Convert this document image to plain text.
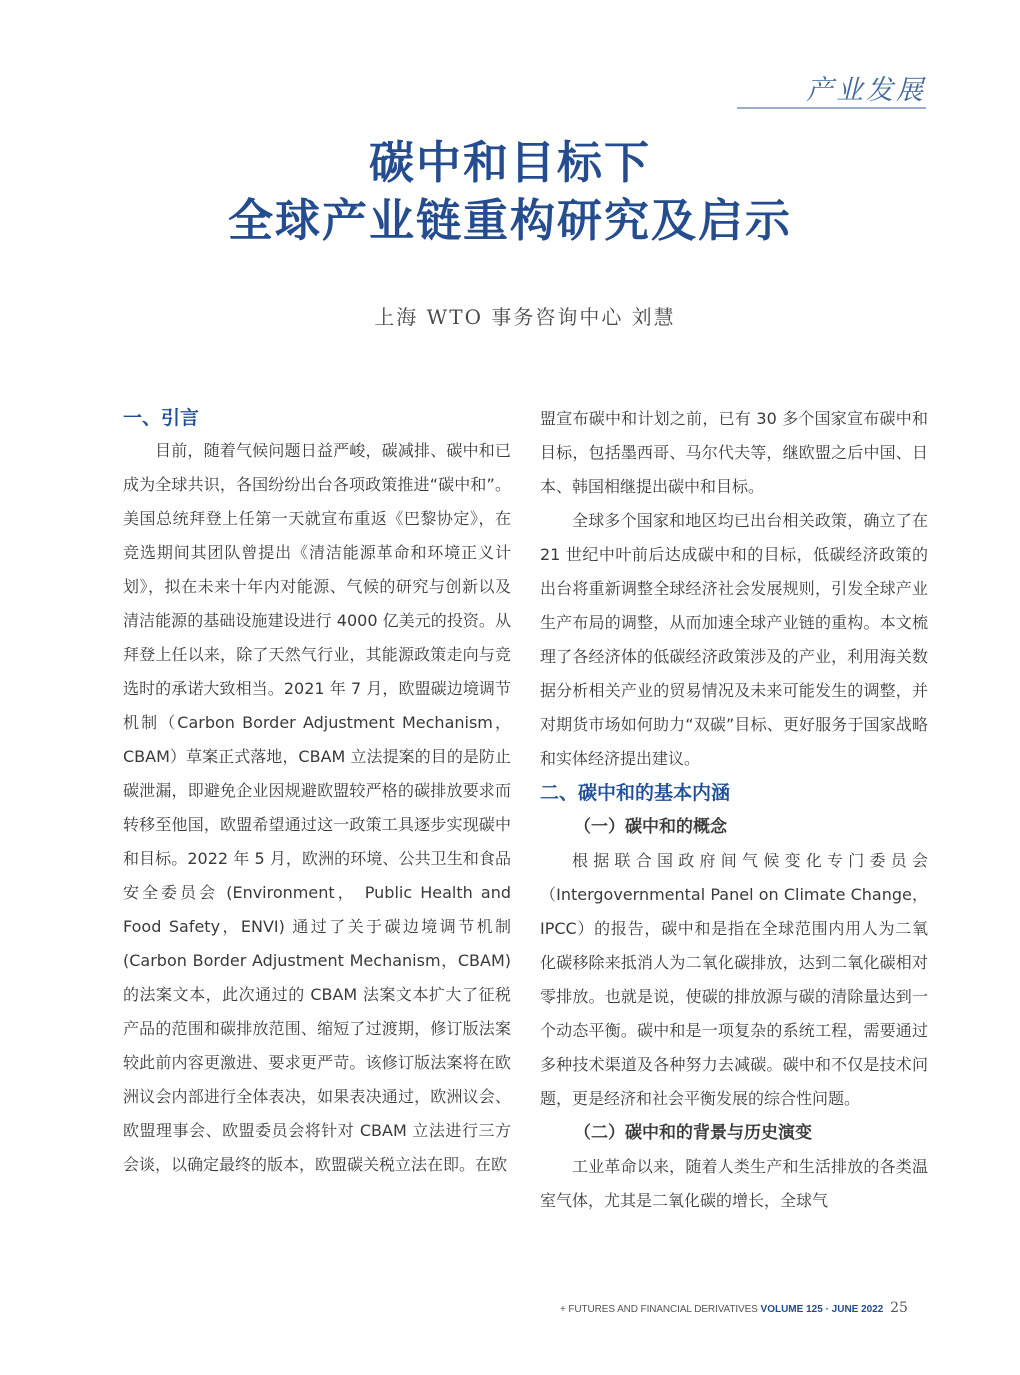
产业发展
碳中和目标下
全球产业链重构研究及启示
上海 WTO 事务咨询中心 刘慧

一、引言

目前，随着气候问题日益严峻，碳减排、碳中和已成为全球共识，各国纷纷出台各项政策推进“碳中和”。美国总统拜登上任第一天就宣布重返《巴黎协定》，在竞选期间其团队曾提出《清洁能源革命和环境正义计划》，拟在未来十年内对能源、气候的研究与创新以及清洁能源的基础设施建设进行 4000 亿美元的投资。从拜登上任以来，除了天然气行业，其能源政策走向与竞选时的承诺大致相当。2021 年 7 月，欧盟碳边境调节机制（Carbon Border Adjustment Mechanism，CBAM）草案正式落地，CBAM 立法提案的目的是防止碳泄漏，即避免企业因规避欧盟较严格的碳排放要求而转移至他国，欧盟希望通过这一政策工具逐步实现碳中和目标。2022 年 5 月，欧洲的环境、公共卫生和食品安全委员会 (Environment， Public Health and Food Safety，ENVI) 通过了关于碳边境调节机制 (Carbon Border Adjustment Mechanism，CBAM) 的法案文本，此次通过的 CBAM 法案文本扩大了征税产品的范围和碳排放范围、缩短了过渡期，修订版法案较此前内容更激进、要求更严苛。该修订版法案将在欧洲议会内部进行全体表决，如果表决通过，欧洲议会、欧盟理事会、欧盟委员会将针对 CBAM 立法进行三方会谈，以确定最终的版本，欧盟碳关税立法在即。在欧

盟宣布碳中和计划之前，已有 30 多个国家宣布碳中和目标，包括墨西哥、马尔代夫等，继欧盟之后中国、日本、韩国相继提出碳中和目标。

全球多个国家和地区均已出台相关政策，确立了在 21 世纪中叶前后达成碳中和的目标，低碳经济政策的出台将重新调整全球经济社会发展规则，引发全球产业生产布局的调整，从而加速全球产业链的重构。本文梳理了各经济体的低碳经济政策涉及的产业，利用海关数据分析相关产业的贸易情况及未来可能发生的调整，并对期货市场如何助力“双碳”目标、更好服务于国家战略和实体经济提出建议。

二、碳中和的基本内涵

（一）碳中和的概念

根据联合国政府间气候变化专门委员会（Intergovernmental Panel on Climate Change，IPCC）的报告，碳中和是指在全球范围内用人为二氧化碳移除来抵消人为二氧化碳排放，达到二氧化碳相对零排放。也就是说，使碳的排放源与碳的清除量达到一个动态平衡。碳中和是一项复杂的系统工程，需要通过多种技术渠道及各种努力去减碳。碳中和不仅是技术问题，更是经济和社会平衡发展的综合性问题。

（二）碳中和的背景与历史演变

工业革命以来，随着人类生产和生活排放的各类温室气体，尤其是二氧化碳的增长，全球气

+ FUTURES AND FINANCIAL DERIVATIVES VOLUME 125 · JUNE 2022 25
